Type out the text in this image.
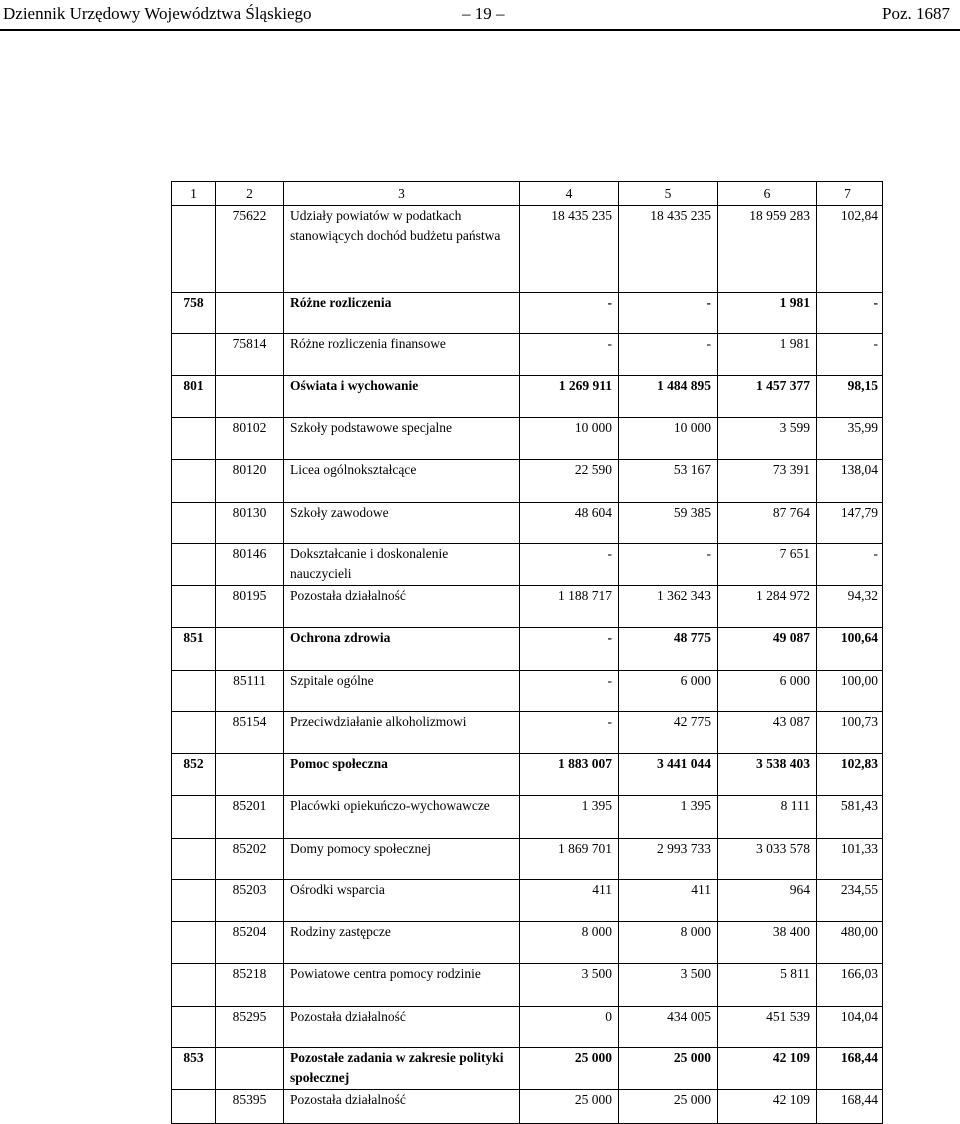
Dziennik Urzędowy Województwa Śląskiego	– 19 –	Poz. 1687
1	2	3	4	5	6	7
	75622	Udziały powiatów w podatkach stanowiących dochód budżetu państwa	18 435 235	18 435 235	18 959 283	102,84
758		Różne rozliczenia	-	-	1 981	-
	75814	Różne rozliczenia finansowe	-	-	1 981	-
801		Oświata i wychowanie	1 269 911	1 484 895	1 457 377	98,15
	80102	Szkoły podstawowe specjalne	10 000	10 000	3 599	35,99
	80120	Licea ogólnokształcące	22 590	53 167	73 391	138,04
	80130	Szkoły zawodowe	48 604	59 385	87 764	147,79
	80146	Dokształcanie i doskonalenie nauczycieli	-	-	7 651	-
	80195	Pozostała działalność	1 188 717	1 362 343	1 284 972	94,32
851		Ochrona zdrowia	-	48 775	49 087	100,64
	85111	Szpitale ogólne	-	6 000	6 000	100,00
	85154	Przeciwdziałanie alkoholizmowi	-	42 775	43 087	100,73
852		Pomoc społeczna	1 883 007	3 441 044	3 538 403	102,83
	85201	Placówki opiekuńczo-wychowawcze	1 395	1 395	8 111	581,43
	85202	Domy pomocy społecznej	1 869 701	2 993 733	3 033 578	101,33
	85203	Ośrodki wsparcia	411	411	964	234,55
	85204	Rodziny zastępcze	8 000	8 000	38 400	480,00
	85218	Powiatowe centra pomocy rodzinie	3 500	3 500	5 811	166,03
	85295	Pozostała działalność	0	434 005	451 539	104,04
853		Pozostałe zadania w zakresie polityki społecznej	25 000	25 000	42 109	168,44
	85395	Pozostała działalność	25 000	25 000	42 109	168,44
